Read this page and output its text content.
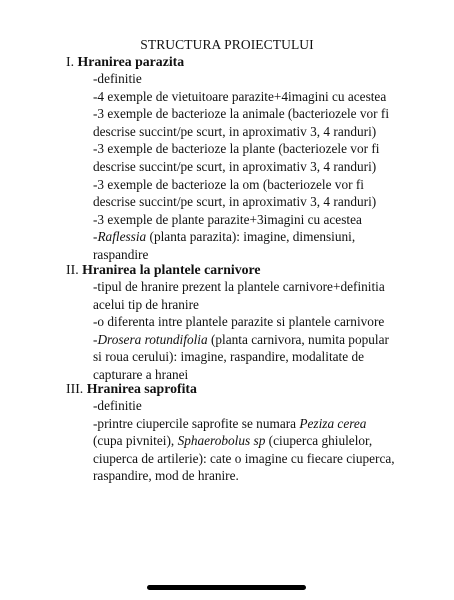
STRUCTURA PROIECTULUI
I. Hranirea parazita
-definitie
-4 exemple de vietuitoare parazite+4imagini cu acestea
-3 exemple de bacterioze la animale (bacteriozele vor fi
descrise succint/pe scurt, in aproximativ 3, 4 randuri)
-3 exemple de bacterioze la plante (bacteriozele vor fi
descrise succint/pe scurt, in aproximativ 3, 4 randuri)
-3 exemple de bacterioze la om (bacteriozele vor fi
descrise succint/pe scurt, in aproximativ 3, 4 randuri)
-3 exemple de plante parazite+3imagini cu acestea
-Raflessia (planta parazita): imagine, dimensiuni,
raspandire
II. Hranirea la plantele carnivore
-tipul de hranire prezent la plantele carnivore+definitia
acelui tip de hranire
-o diferenta intre plantele parazite si plantele carnivore
-Drosera rotundifolia (planta carnivora, numita popular
si roua cerului): imagine, raspandire, modalitate de
capturare a hranei
III. Hranirea saprofita
-definitie
-printre ciupercile saprofite se numara Peziza cerea
(cupa pivnitei), Sphaerobolus sp (ciuperca ghiulelor,
ciuperca de artilerie): cate o imagine cu fiecare ciuperca,
raspandire, mod de hranire.
